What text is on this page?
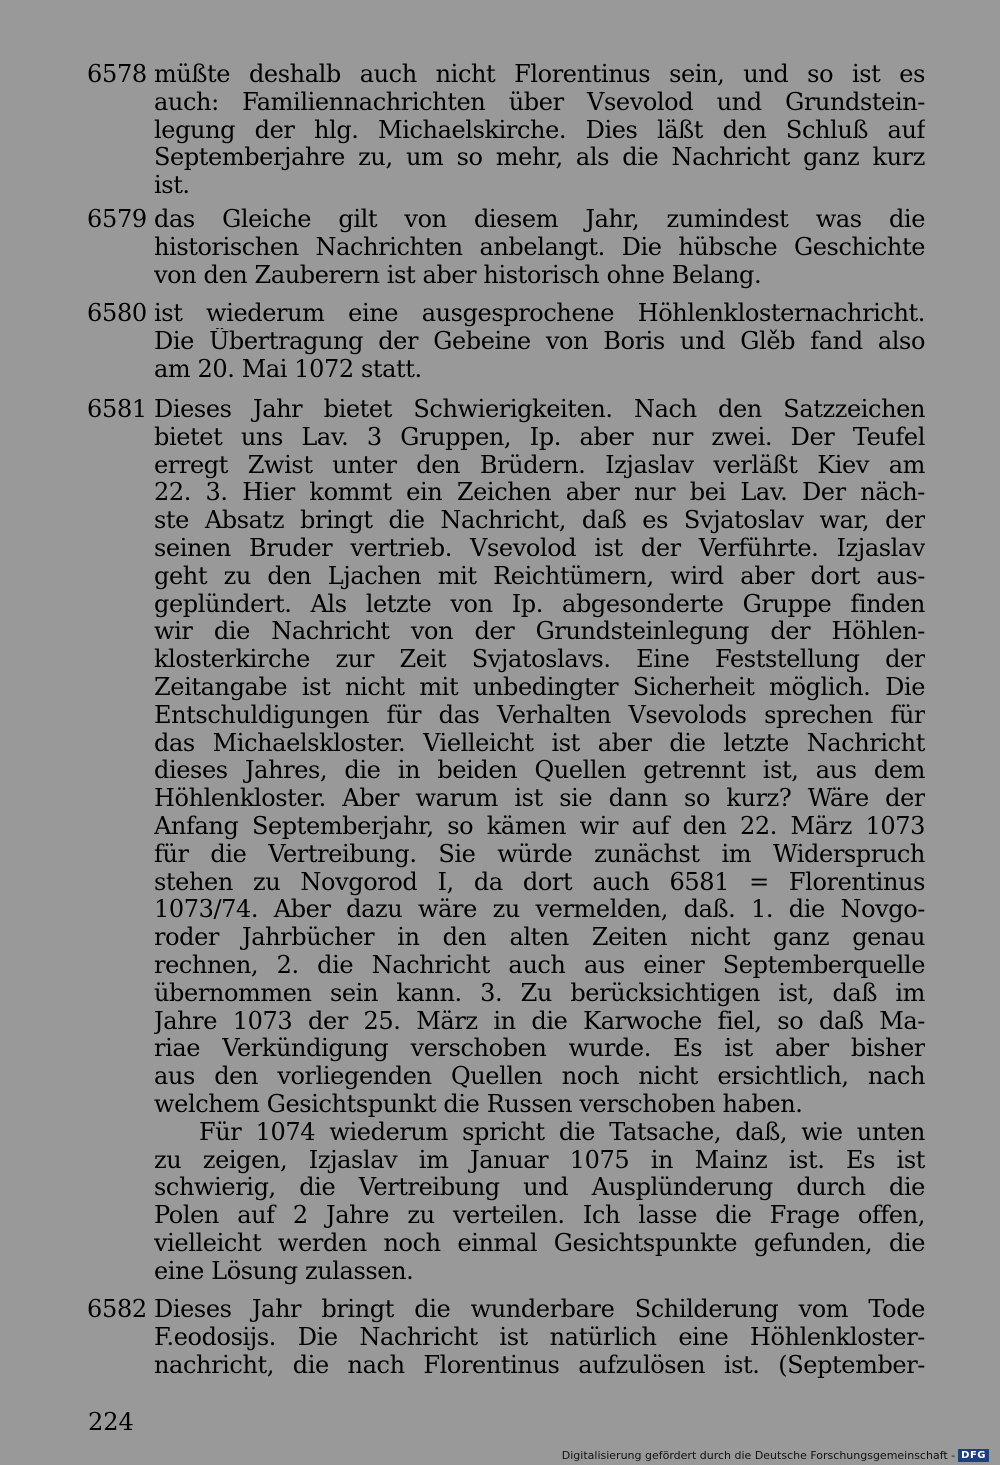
6578 müßte deshalb auch nicht Florentinus sein, und so ist es
auch: Familiennachrichten über Vsevolod und Grundstein-
legung der hlg. Michaelskirche. Dies läßt den Schluß auf
Septemberjahre zu, um so mehr, als die Nachricht ganz kurz
ist.
6579 das Gleiche gilt von diesem Jahr, zumindest was die
historischen Nachrichten anbelangt. Die hübsche Geschichte
von den Zauberern ist aber historisch ohne Belang.
6580 ist wiederum eine ausgesprochene Höhlenklosternachricht.
Die Übertragung der Gebeine von Boris und Glěb fand also
am 20. Mai 1072 statt.
6581 Dieses Jahr bietet Schwierigkeiten. Nach den Satzzeichen
bietet uns Lav. 3 Gruppen, Ip. aber nur zwei. Der Teufel
erregt Zwist unter den Brüdern. Izjaslav verläßt Kiev am
22. 3. Hier kommt ein Zeichen aber nur bei Lav. Der näch-
ste Absatz bringt die Nachricht, daß es Svjatoslav war, der
seinen Bruder vertrieb. Vsevolod ist der Verführte. Izjaslav
geht zu den Ljachen mit Reichtümern, wird aber dort aus-
geplündert. Als letzte von Ip. abgesonderte Gruppe finden
wir die Nachricht von der Grundsteinlegung der Höhlen-
klosterkirche zur Zeit Svjatoslavs. Eine Feststellung der
Zeitangabe ist nicht mit unbedingter Sicherheit möglich. Die
Entschuldigungen für das Verhalten Vsevolods sprechen für
das Michaelskloster. Vielleicht ist aber die letzte Nachricht
dieses Jahres, die in beiden Quellen getrennt ist, aus dem
Höhlenkloster. Aber warum ist sie dann so kurz? Wäre der
Anfang Septemberjahr, so kämen wir auf den 22. März 1073
für die Vertreibung. Sie würde zunächst im Widerspruch
stehen zu Novgorod I, da dort auch 6581 = Florentinus
1073/74. Aber dazu wäre zu vermelden, daß. 1. die Novgo-
roder Jahrbücher in den alten Zeiten nicht ganz genau
rechnen, 2. die Nachricht auch aus einer Septemberquelle
übernommen sein kann. 3. Zu berücksichtigen ist, daß im
Jahre 1073 der 25. März in die Karwoche fiel, so daß Ma-
riae Verkündigung verschoben wurde. Es ist aber bisher
aus den vorliegenden Quellen noch nicht ersichtlich, nach
welchem Gesichtspunkt die Russen verschoben haben.
Für 1074 wiederum spricht die Tatsache, daß, wie unten
zu zeigen, Izjaslav im Januar 1075 in Mainz ist. Es ist
schwierig, die Vertreibung und Ausplünderung durch die
Polen auf 2 Jahre zu verteilen. Ich lasse die Frage offen,
vielleicht werden noch einmal Gesichtspunkte gefunden, die
eine Lösung zulassen.
6582 Dieses Jahr bringt die wunderbare Schilderung vom Tode
F.eodosijs. Die Nachricht ist natürlich eine Höhlenkloster-
nachricht, die nach Florentinus aufzulösen ist. (September-
224
Digitalisierung gefördert durch die Deutsche Forschungsgemeinschaft - DFG
